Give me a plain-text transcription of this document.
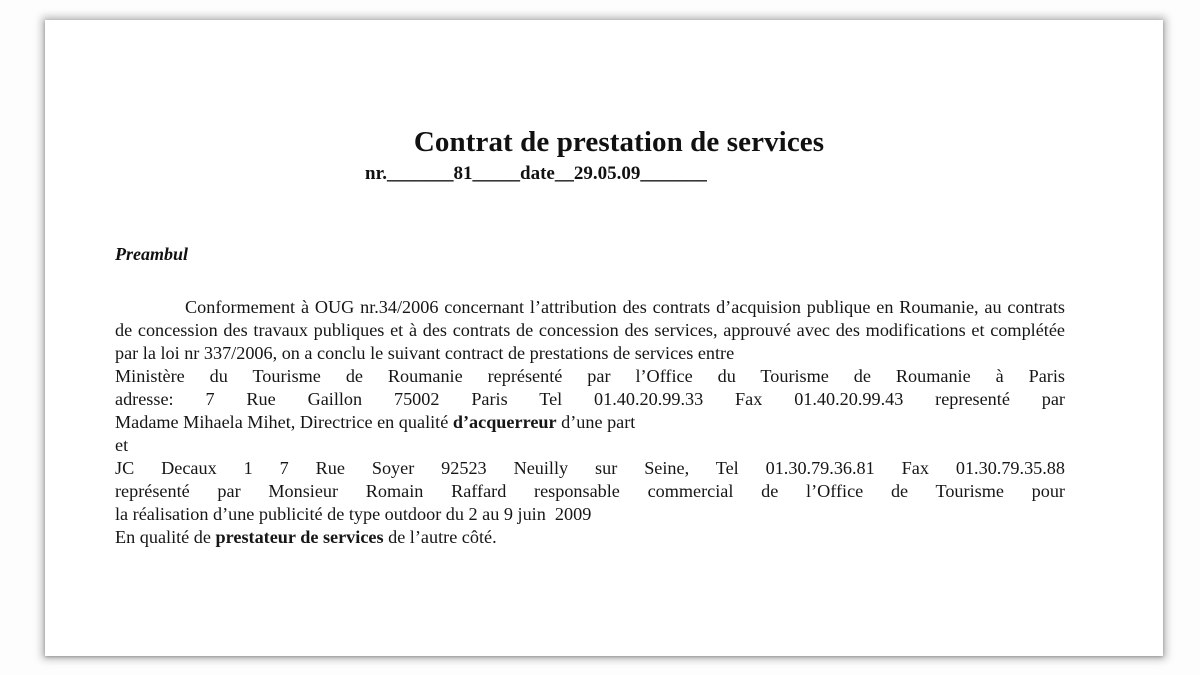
Contrat de prestation de services
nr._______81_____date__29.05.09_______
Preambul

Conformement à OUG nr.34/2006 concernant l’attribution des contrats d’acquision publique en Roumanie, au contrats de concession des travaux publiques et à des contrats de concession des services, approuvé avec des modifications et complétée par la loi nr 337/2006, on a conclu le suivant contract de prestations de services entre

Ministère du Tourisme de Roumanie représenté par l’Office du Tourisme de Roumanie à Paris

adresse: 7 Rue Gaillon 75002 Paris Tel 01.40.20.99.33 Fax 01.40.20.99.43 representé par

Madame Mihaela Mihet, Directrice en qualité d’acquerreur d’une part

et

JC Decaux 1 7 Rue Soyer 92523 Neuilly sur Seine, Tel 01.30.79.36.81 Fax 01.30.79.35.88

représenté par Monsieur Romain Raffard responsable commercial de l’Office de Tourisme pour

la réalisation d’une publicité de type outdoor du 2 au 9 juin  2009

En qualité de prestateur de services de l’autre côté.
